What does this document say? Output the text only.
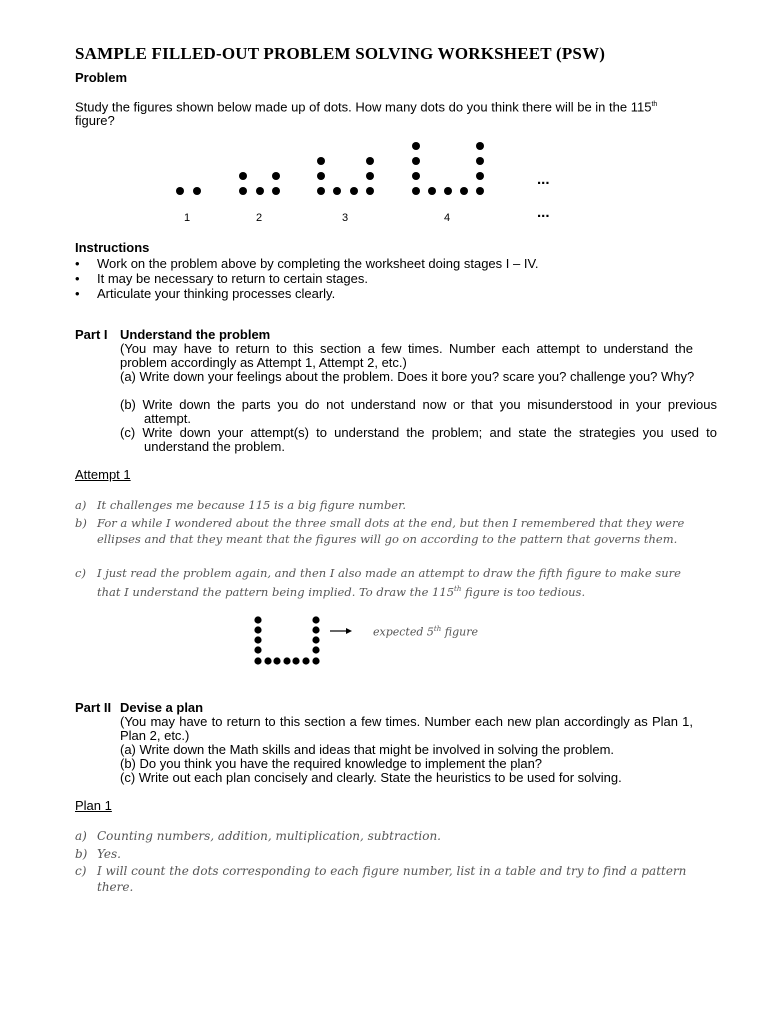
SAMPLE FILLED-OUT PROBLEM SOLVING WORKSHEET (PSW)
Problem
Study the figures shown below made up of dots. How many dots do you think there will be in the 115th
figure?
1	2	3	4
...
...
Instructions
• Work on the problem above by completing the worksheet doing stages I – IV.
• It may be necessary to return to certain stages.
• Articulate your thinking processes clearly.
Part I Understand the problem
(You may have to return to this section a few times. Number each attempt to understand the problem accordingly as Attempt 1, Attempt 2, etc.)
(a) Write down your feelings about the problem. Does it bore you? scare you? challenge you? Why?
(b) Write down the parts you do not understand now or that you misunderstood in your previous attempt.
(c) Write down your attempt(s) to understand the problem; and state the strategies you used to understand the problem.
Attempt 1
a) It challenges me because 115 is a big figure number.
b) For a while I wondered about the three small dots at the end, but then I remembered that they were ellipses and that they meant that the figures will go on according to the pattern that governs them.
c) I just read the problem again, and then I also made an attempt to draw the fifth figure to make sure that I understand the pattern being implied. To draw the 115th figure is too tedious.
expected 5th figure
Part II Devise a plan
(You may have to return to this section a few times. Number each new plan accordingly as Plan 1, Plan 2, etc.)
(a) Write down the Math skills and ideas that might be involved in solving the problem.
(b) Do you think you have the required knowledge to implement the plan?
(c) Write out each plan concisely and clearly. State the heuristics to be used for solving.
Plan 1
a) Counting numbers, addition, multiplication, subtraction.
b) Yes.
c) I will count the dots corresponding to each figure number, list in a table and try to find a pattern there.
